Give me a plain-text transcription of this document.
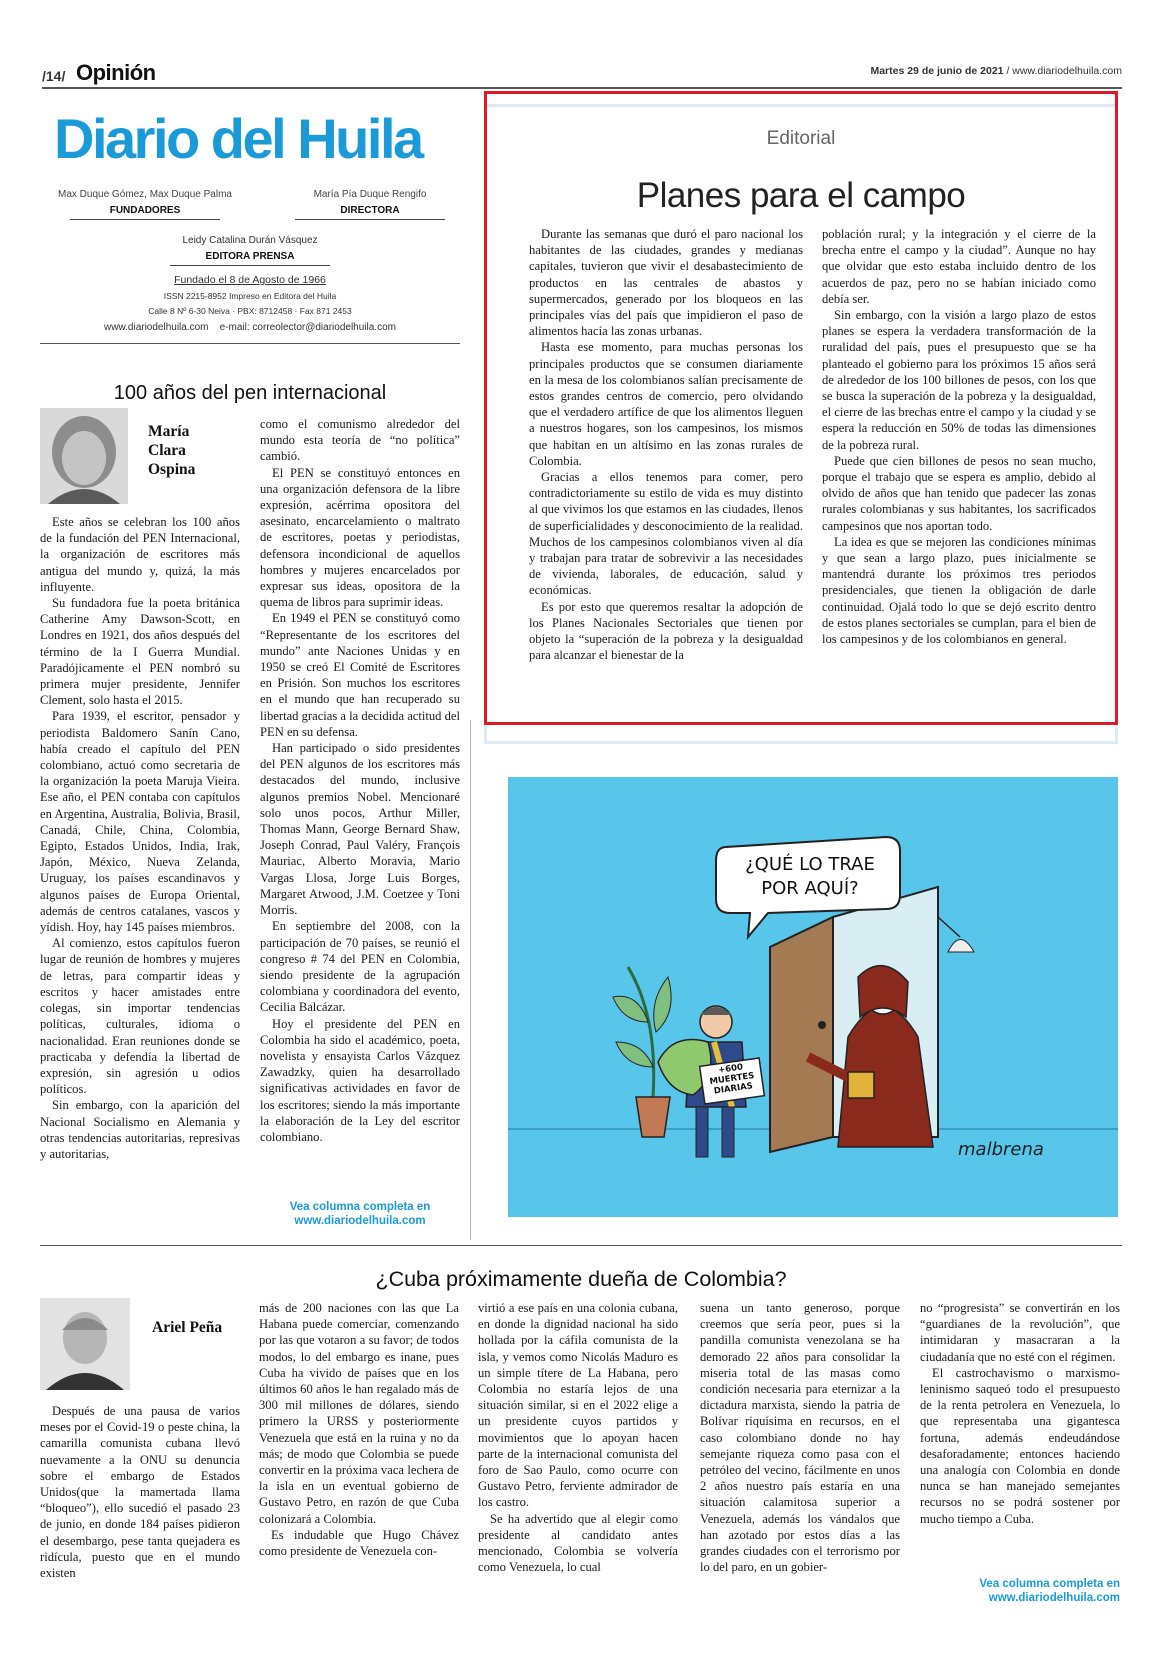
/14/ Opinión	Martes 29 de junio de 2021 / www.diariodelhuila.com
Diario del Huila
Max Duque Gómez, Max Duque Palma
FUNDADORES
María Pía Duque Rengifo
DIRECTORA
Leidy Catalina Durán Vásquez
EDITORA PRENSA
Fundado el 8 de Agosto de 1966
ISSN 2215-8952 Impreso en Editora del Huila
Calle 8 Nº 6-30 Neiva · PBX: 8712458 · Fax 871 2453
www.diariodelhuila.com e-mail: correolector@diariodelhuila.com
Editorial
Planes para el campo

Durante las semanas que duró el paro nacional los habitantes de las ciudades, grandes y medianas capitales, tuvieron que vivir el desabastecimiento de productos en las centrales de abastos y supermercados, generado por los bloqueos en las principales vías del país que impidieron el paso de alimentos hacía las zonas urbanas.

Hasta ese momento, para muchas personas los principales productos que se consumen diariamente en la mesa de los colombianos salían precisamente de estos grandes centros de comercio, pero olvidando que el verdadero artífice de que los alimentos lleguen a nuestros hogares, son los campesinos, los mismos que habitan en un altísimo en las zonas rurales de Colombia.

Gracias a ellos tenemos para comer, pero contradictoriamente su estilo de vida es muy distinto al que vivimos los que estamos en las ciudades, llenos de superficialidades y desconocimiento de la realidad. Muchos de los campesinos colombianos viven al día y trabajan para tratar de sobrevivir a las necesidades de vivienda, laborales, de educación, salud y económicas.

Es por esto que queremos resaltar la adopción de los Planes Nacionales Sectoriales que tienen por objeto la “superación de la pobreza y la desigualdad para alcanzar el bienestar de la

población rural; y la integración y el cierre de la brecha entre el campo y la ciudad”. Aunque no hay que olvidar que esto estaba incluido dentro de los acuerdos de paz, pero no se habían iniciado como debía ser.

Sin embargo, con la visión a largo plazo de estos planes se espera la verdadera transformación de la ruralidad del país, pues el presupuesto que se ha planteado el gobierno para los próximos 15 años será de alrededor de los 100 billones de pesos, con los que se busca la superación de la pobreza y la desigualdad, el cierre de las brechas entre el campo y la ciudad y se espera la reducción en 50% de todas las dimensiones de la pobreza rural.

Puede que cien billones de pesos no sean mucho, porque el trabajo que se espera es amplio, debido al olvido de años que han tenido que padecer las zonas rurales colombianas y sus habitantes, los sacrificados campesinos que nos aportan todo.

La idea es que se mejoren las condiciones mínimas y que sean a largo plazo, pues inicialmente se mantendrá durante los próximos tres periodos presidenciales, que tienen la obligación de darle continuidad. Ojalá todo lo que se dejó escrito dentro de estos planes sectoriales se cumplan, para el bien de los campesinos y de los colombianos en general.

100 años del pen internacional
María Clara Ospina

Este años se celebran los 100 años de la fundación del PEN Internacional, la organización de escritores más antigua del mundo y, quizá, la más influyente.

Su fundadora fue la poeta británica Catherine Amy Dawson-Scott, en Londres en 1921, dos años después del término de la I Guerra Mundial. Paradójicamente el PEN nombró su primera mujer presidente, Jennifer Clement, solo hasta el 2015.

Para 1939, el escritor, pensador y periodista Baldomero Sanín Cano, había creado el capítulo del PEN colombiano, actuó como secretaria de la organización la poeta Maruja Vieira. Ese año, el PEN contaba con capítulos en Argentina, Australia, Bolivia, Brasil, Canadá, Chile, China, Colombia, Egipto, Estados Unidos, India, Irak, Japón, México, Nueva Zelanda, Uruguay, los países escandinavos y algunos países de Europa Oriental, además de centros catalanes, vascos y yídish. Hoy, hay 145 países miembros.

Al comienzo, estos capítulos fueron lugar de reunión de hombres y mujeres de letras, para compartir ideas y escritos y hacer amistades entre colegas, sin importar tendencias políticas, culturales, idioma o nacionalidad. Eran reuniones donde se practicaba y defendía la libertad de expresión, sin agresión u odios políticos.

Sin embargo, con la aparición del Nacional Socialismo en Alemania y otras tendencias autoritarias, represivas y autoritarias,

como el comunismo alrededor del mundo esta teoría de “no política” cambió.

El PEN se constituyó entonces en una organización defensora de la libre expresión, acérrima opositora del asesinato, encarcelamiento o maltrato de escritores, poetas y periodistas, defensora incondicional de aquellos hombres y mujeres encarcelados por expresar sus ideas, opositora de la quema de libros para suprimir ideas.

En 1949 el PEN se constituyó como “Representante de los escritores del mundo” ante Naciones Unidas y en 1950 se creó El Comité de Escritores en Prisión. Son muchos los escritores en el mundo que han recuperado su libertad gracias a la decidida actitud del PEN en su defensa.

Han participado o sido presidentes del PEN algunos de los escritores más destacados del mundo, inclusive algunos premios Nobel. Mencionaré solo unos pocos, Arthur Miller, Thomas Mann, George Bernard Shaw, Joseph Conrad, Paul Valéry, François Mauriac, Alberto Moravia, Mario Vargas Llosa, Jorge Luis Borges, Margaret Atwood, J.M. Coetzee y Toni Morris.

En septiembre del 2008, con la participación de 70 países, se reunió el congreso # 74 del PEN en Colombia, siendo presidente de la agrupación colombiana y coordinadora del evento, Cecilia Balcázar.

Hoy el presidente del PEN en Colombia ha sido el académico, poeta, novelista y ensayista Carlos Vázquez Zawadzky, quien ha desarrollado significativas actividades en favor de los escritores; siendo la más importante la elaboración de la Ley del escritor colombiano.

Vea columna completa en
www.diariodelhuila.com
¿QUÉ LO TRAE
POR AQUÍ?
+600 MUERTES DIARIAS
malbrena
¿Cuba próximamente dueña de Colombia?
Ariel Peña

Después de una pausa de varios meses por el Covid-19 o peste china, la camarilla comunista cubana llevó nuevamente a la ONU su denuncia sobre el embargo de Estados Unidos(que la mamertada llama “bloqueo”), ello sucedió el pasado 23 de junio, en donde 184 países pidieron el desembargo, pese tanta quejadera es ridícula, puesto que en el mundo existen

más de 200 naciones con las que La Habana puede comerciar, comenzando por las que votaron a su favor; de todos modos, lo del embargo es inane, pues Cuba ha vivido de países que en los últimos 60 años le han regalado más de 300 mil millones de dólares, siendo primero la URSS y posteriormente Venezuela que está en la ruina y no da más; de modo que Colombia se puede convertir en la próxima vaca lechera de la isla en un eventual gobierno de Gustavo Petro, en razón de que Cuba colonizará a Colombia.

Es indudable que Hugo Chávez como presidente de Venezuela con-

virtió a ese país en una colonia cubana, en donde la dignidad nacional ha sido hollada por la cáfila comunista de la isla, y vemos como Nicolás Maduro es un simple títere de La Habana, pero Colombia no estaría lejos de una situación similar, si en el 2022 elige a un presidente cuyos partidos y movimientos que lo apoyan hacen parte de la internacional comunista del foro de Sao Paulo, como ocurre con Gustavo Petro, ferviente admirador de los castro.

Se ha advertido que al elegir como presidente al candidato antes mencionado, Colombia se volvería como Venezuela, lo cual

suena un tanto generoso, porque creemos que sería peor, pues si la pandilla comunista venezolana se ha demorado 22 años para consolidar la miseria total de las masas como condición necesaria para eternizar a la dictadura marxista, siendo la patria de Bolívar riquísima en recursos, en el caso colombiano donde no hay semejante riqueza como pasa con el petróleo del vecino, fácilmente en unos 2 años nuestro país estaría en una situación calamitosa superior a Venezuela, además los vándalos que han azotado por estos días a las grandes ciudades con el terrorismo por lo del paro, en un gobier-

no “progresista” se convertirán en los “guardianes de la revolución”, que intimidaran y masacraran a la ciudadanía que no esté con el régimen.

El castrochavismo o marxismo-leninismo saqueó todo el presupuesto de la renta petrolera en Venezuela, lo que representaba una gigantesca fortuna, además endeudándose desaforadamente; entonces haciendo una analogía con Colombia en donde nunca se han manejado semejantes recursos no se podrá sostener por mucho tiempo a Cuba.

Vea columna completa en
www.diariodelhuila.com
